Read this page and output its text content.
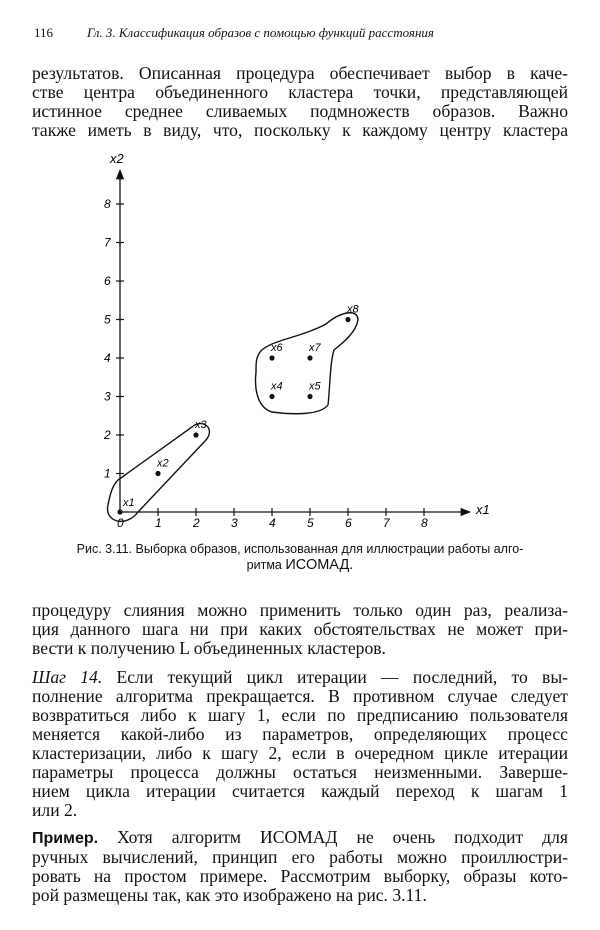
116	Гл. 3. Классификация образов с помощью функций расстояния
результатов. Описанная процедура обеспечивает выбор в каче-
стве центра объединенного кластера точки, представляющей
истинное среднее сливаемых подмножеств образов. Важно
также иметь в виду, что, поскольку к каждому центру кластера
x1
x2
0	1	2	3	4	5	6	7	8
1
2
3
4
5
6
7
8
x1
x2
x3
x4 x5
x6 x7
x8
Рис. 3.11. Выборка образов, использованная для иллюстрации работы алго-
ритма ИСОМАД.
процедуру слияния можно применить только один раз, реализа-
ция данного шага ни при каких обстоятельствах не может при-
вести к получению L объединенных кластеров.
Шаг 14. Если текущий цикл итерации — последний, то вы-
полнение алгоритма прекращается. В противном случае следует
возвратиться либо к шагу 1, если по предписанию пользователя
меняется какой-либо из параметров, определяющих процесс
кластеризации, либо к шагу 2, если в очередном цикле итерации
параметры процесса должны остаться неизменными. Заверше-
нием цикла итерации считается каждый переход к шагам 1
или 2.
Пример. Хотя алгоритм ИСОМАД не очень подходит для
ручных вычислений, принцип его работы можно проиллюстри-
ровать на простом примере. Рассмотрим выборку, образы кото-
рой размещены так, как это изображено на рис. 3.11.
